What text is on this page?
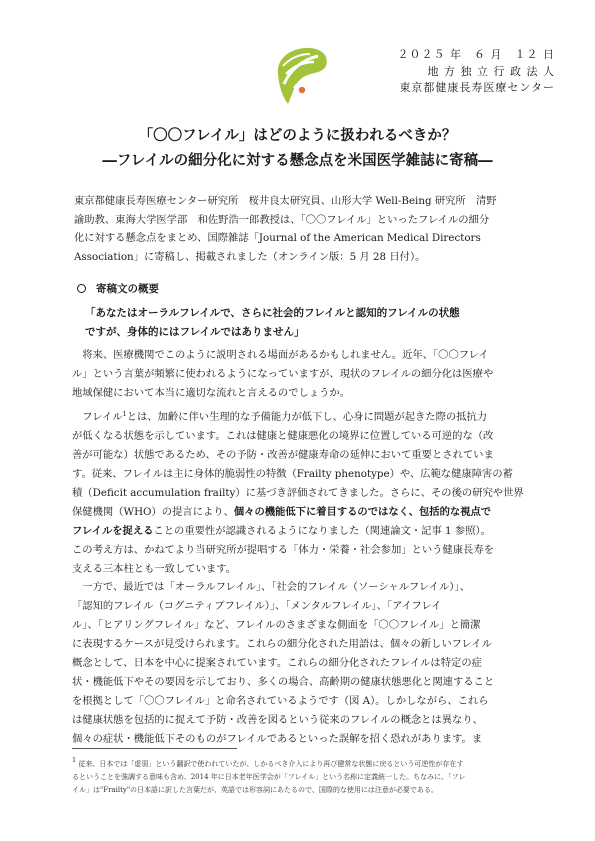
２０２５ 年　６ 月　１２ 日
地 方 独 立 行 政 法 人
東京都健康長寿医療センター
「〇〇フレイル」はどのように扱われるべきか？
―フレイルの細分化に対する懸念点を米国医学雑誌に寄稿―
東京都健康長寿医療センター研究所　桜井良太研究員、山形大学 Well-Being 研究所　清野
諭助教、東海大学医学部　和佐野浩一郎教授は、「〇〇フレイル」といったフレイルの細分
化に対する懸念点をまとめ、国際雑誌「Journal of the American Medical Directors
Association」に寄稿し、掲載されました（オンライン版：5 月 28 日付）。
寄稿文の概要
「あなたはオーラルフレイルで、さらに社会的フレイルと認知的フレイルの状態
ですが、身体的にはフレイルではありません」
　将来、医療機関でこのように説明される場面があるかもしれません。近年、「〇〇フレイ
ル」という言葉が頻繁に使われるようになっていますが、現状のフレイルの細分化は医療や
地域保健において本当に適切な流れと言えるのでしょうか。
　フレイル$^1$とは、加齢に伴い生理的な予備能力が低下し、心身に問題が起きた際の抵抗力
が低くなる状態を示しています。これは健康と健康悪化の境界に位置している可逆的な（改
善が可能な）状態であるため、その予防・改善が健康寿命の延伸において重要とされていま
す。従来、フレイルは主に身体的脆弱性の特徴（Frailty phenotype）や、広範な健康障害の蓄
積（Deficit accumulation frailty）に基づき評価されてきました。さらに、その後の研究や世界
保健機関（WHO）の提言により、個々の機能低下に着目するのではなく、包括的な視点で
フレイルを捉えることの重要性が認識されるようになりました（関連論文・記事 1 参照）。
この考え方は、かねてより当研究所が提唱する「体力・栄養・社会参加」という健康長寿を
支える三本柱とも一致しています。
　一方で、最近では「オーラルフレイル」、「社会的フレイル（ソーシャルフレイル）」、
「認知的フレイル（コグニティブフレイル）」、「メンタルフレイル」、「アイフレイ
ル」、「ヒアリングフレイル」など、フレイルのさまざまな側面を「〇〇フレイル」と簡潔
に表現するケースが見受けられます。これらの細分化された用語は、個々の新しいフレイル
概念として、日本を中心に提案されています。これらの細分化されたフレイルは特定の症
状・機能低下やその要因を示しており、多くの場合、高齢期の健康状態悪化と関連すること
を根拠として「〇〇フレイル」と命名されているようです（図 A）。しかしながら、これら
は健康状態を包括的に捉えて予防・改善を図るという従来のフレイルの概念とは異なり、
個々の症状・機能低下そのものがフレイルであるといった誤解を招く恐れがあります。ま
$^1$ 従来、日本では「虚弱」という翻訳で使われていたが、しかるべき介入により再び健常な状態に戻るという可逆性が存在す
るということを強調する意味も含め、2014 年に日本老年医学会が「フレイル」という名称に定義統一した。ちなみに、「フレ
イル」は"Frailty"の日本語に訳した言葉だが、英語では形容詞にあたるので、国際的な使用には注意が必要である。
